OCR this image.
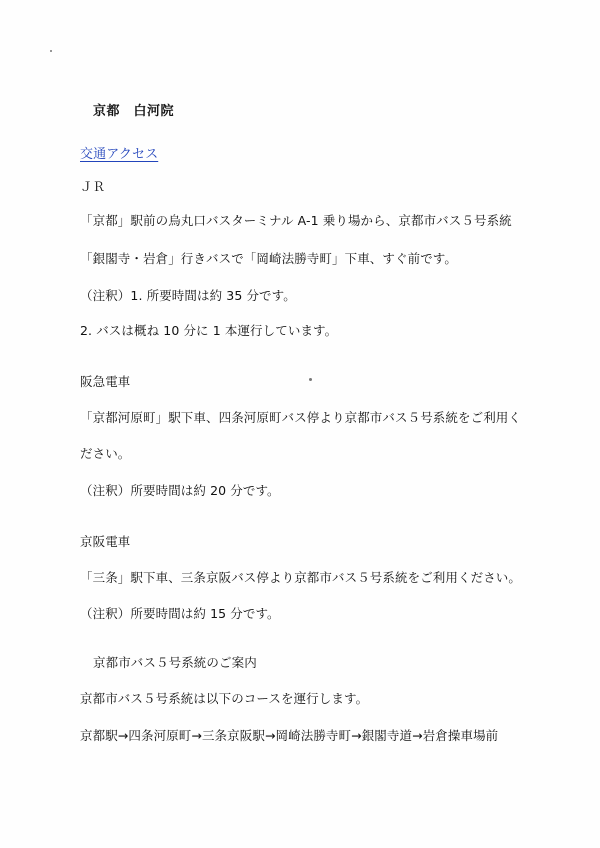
京都　白河院
交通アクセス
ＪＲ
「京都」駅前の烏丸口バスターミナル A-1 乗り場から、京都市バス５号系統
「銀閣寺・岩倉」行きバスで「岡崎法勝寺町」下車、すぐ前です。
（注釈）1. 所要時間は約 35 分です。
2. バスは概ね 10 分に 1 本運行しています。
阪急電車
「京都河原町」駅下車、四条河原町バス停より京都市バス５号系統をご利用く
ださい。
（注釈）所要時間は約 20 分です。
京阪電車
「三条」駅下車、三条京阪バス停より京都市バス５号系統をご利用ください。
（注釈）所要時間は約 15 分です。
京都市バス５号系統のご案内
京都市バス５号系統は以下のコースを運行します。
京都駅→四条河原町→三条京阪駅→岡崎法勝寺町→銀閣寺道→岩倉操車場前
